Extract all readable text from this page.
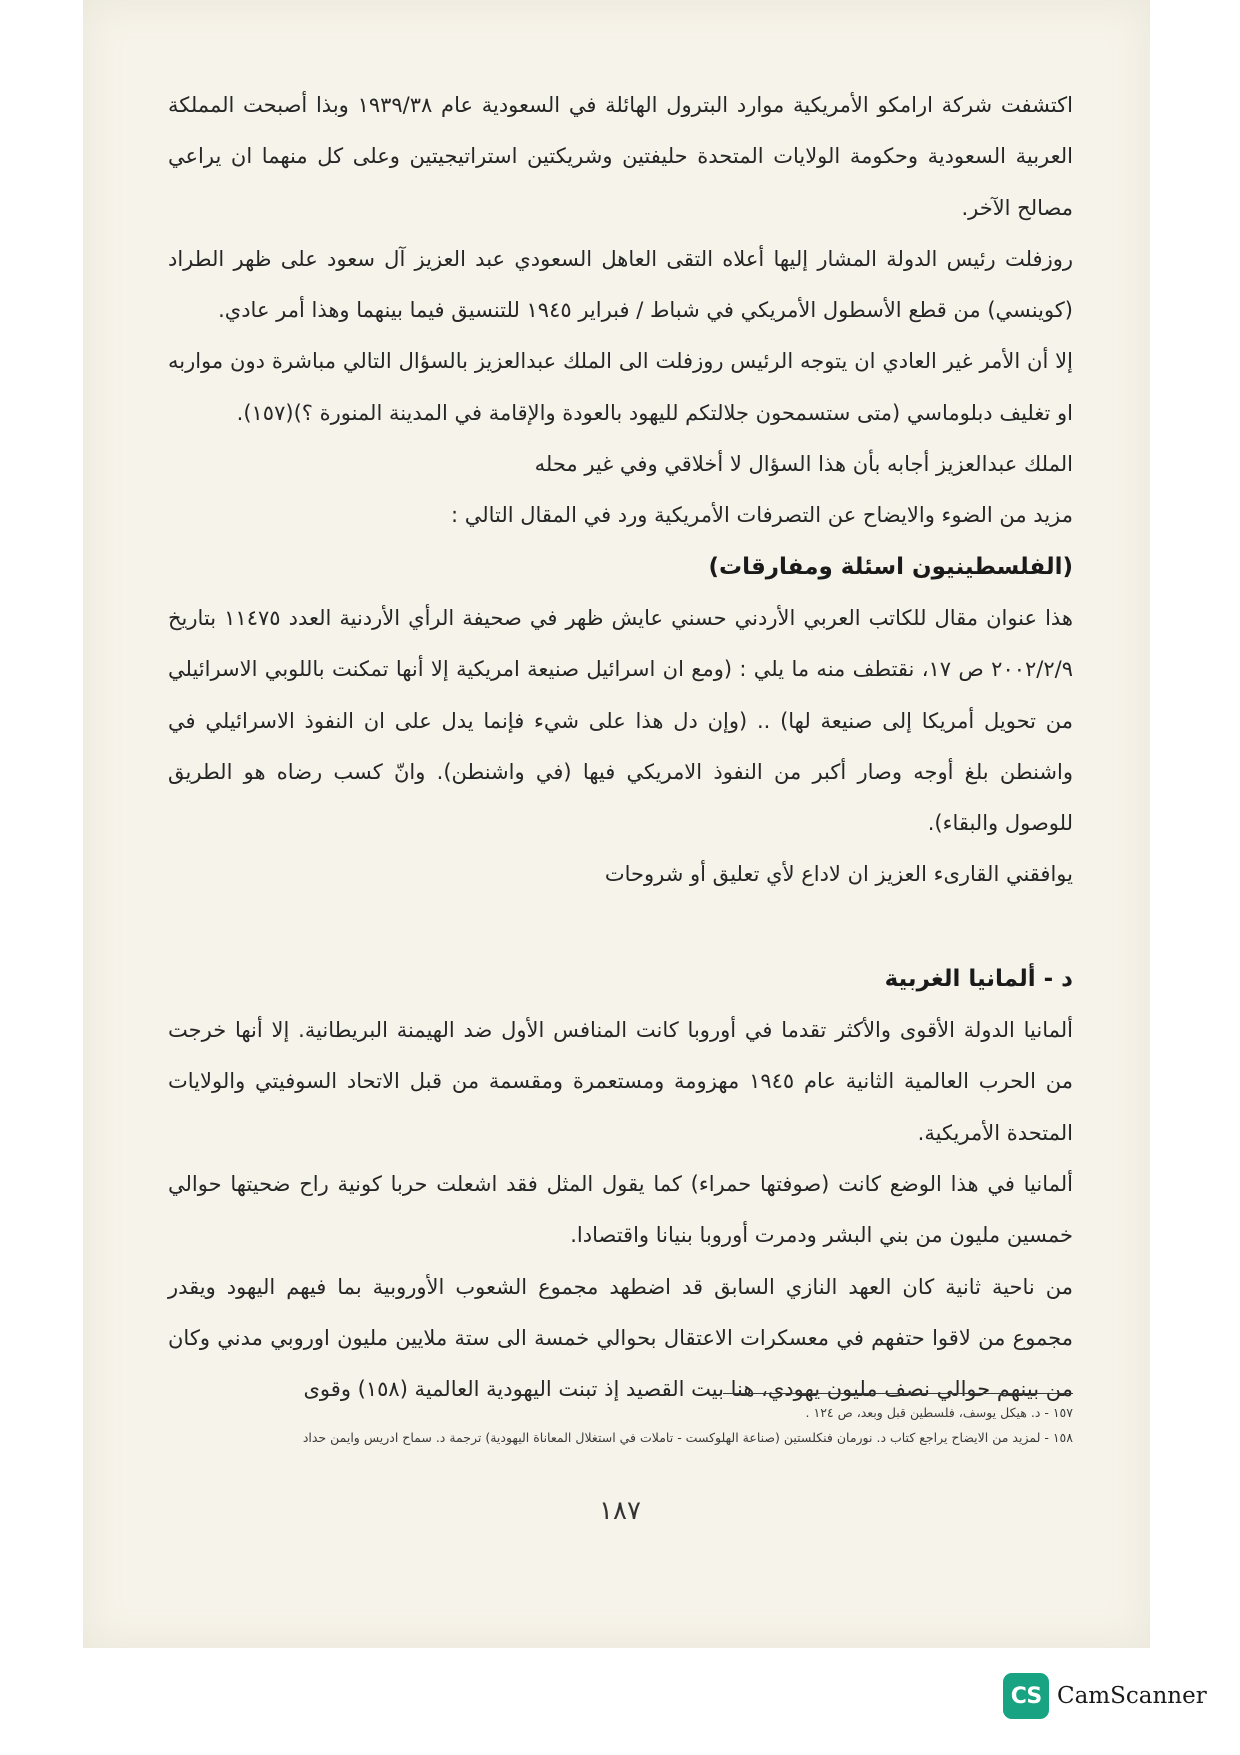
اكتشفت شركة ارامكو الأمريكية موارد البترول الهائلة في السعودية عام ١٩٣٩/٣٨ وبذا أصبحت المملكة العربية السعودية وحكومة الولايات المتحدة حليفتين وشريكتين استراتيجيتين وعلى كل منهما ان يراعي مصالح الآخر.

روزفلت رئيس الدولة المشار إليها أعلاه التقى العاهل السعودي عبد العزيز آل سعود على ظهر الطراد (كوينسي) من قطع الأسطول الأمريكي في شباط / فبراير ١٩٤٥ للتنسيق فيما بينهما وهذا أمر عادي.

إلا أن الأمر غير العادي ان يتوجه الرئيس روزفلت الى الملك عبدالعزيز بالسؤال التالي مباشرة دون مواربه او تغليف دبلوماسي (متى ستسمحون جلالتكم لليهود بالعودة والإقامة في المدينة المنورة ؟)(١٥٧).

الملك عبدالعزيز أجابه بأن هذا السؤال لا أخلاقي وفي غير محله

مزيد من الضوء والايضاح عن التصرفات الأمريكية ورد في المقال التالي :

(الفلسطينيون اسئلة ومفارقات)

هذا عنوان مقال للكاتب العربي الأردني حسني عايش ظهر في صحيفة الرأي الأردنية العدد ١١٤٧٥ بتاريخ ٢٠٠٢/٢/٩ ص ١٧، نقتطف منه ما يلي : (ومع ان اسرائيل صنيعة امريكية إلا أنها تمكنت باللوبي الاسرائيلي من تحويل أمريكا إلى صنيعة لها) .. (وإن دل هذا على شيء فإنما يدل على ان النفوذ الاسرائيلي في واشنطن بلغ أوجه وصار أكبر من النفوذ الامريكي فيها (في واشنطن). وانّ كسب رضاه هو الطريق للوصول والبقاء).

يوافقني القارىء العزيز ان لاداع لأي تعليق أو شروحات

د - ألمانيا الغربية

ألمانيا الدولة الأقوى والأكثر تقدما في أوروبا كانت المنافس الأول ضد الهيمنة البريطانية. إلا أنها خرجت من الحرب العالمية الثانية عام ١٩٤٥ مهزومة ومستعمرة ومقسمة من قبل الاتحاد السوفيتي والولايات المتحدة الأمريكية.

ألمانيا في هذا الوضع كانت (صوفتها حمراء) كما يقول المثل فقد اشعلت حربا كونية راح ضحيتها حوالي خمسين مليون من بني البشر ودمرت أوروبا بنيانا واقتصادا.

من ناحية ثانية كان العهد النازي السابق قد اضطهد مجموع الشعوب الأوروبية بما فيهم اليهود ويقدر مجموع من لاقوا حتفهم في معسكرات الاعتقال بحوالي خمسة الى ستة ملايين مليون اوروبي مدني وكان من بينهم حوالي نصف مليون يهودي، هنا بيت القصيد إذ تبنت اليهودية العالمية (١٥٨) وقوى

١٥٧ - د. هيكل يوسف، فلسطين قبل وبعد، ص ١٢٤ .

١٥٨ - لمزيد من الايضاح يراجع كتاب د. نورمان فنكلستين (صناعة الهلوكست - تاملات في استغلال المعاناة اليهودية) ترجمة د. سماح ادريس وايمن حداد

١٨٧
CS CamScanner
